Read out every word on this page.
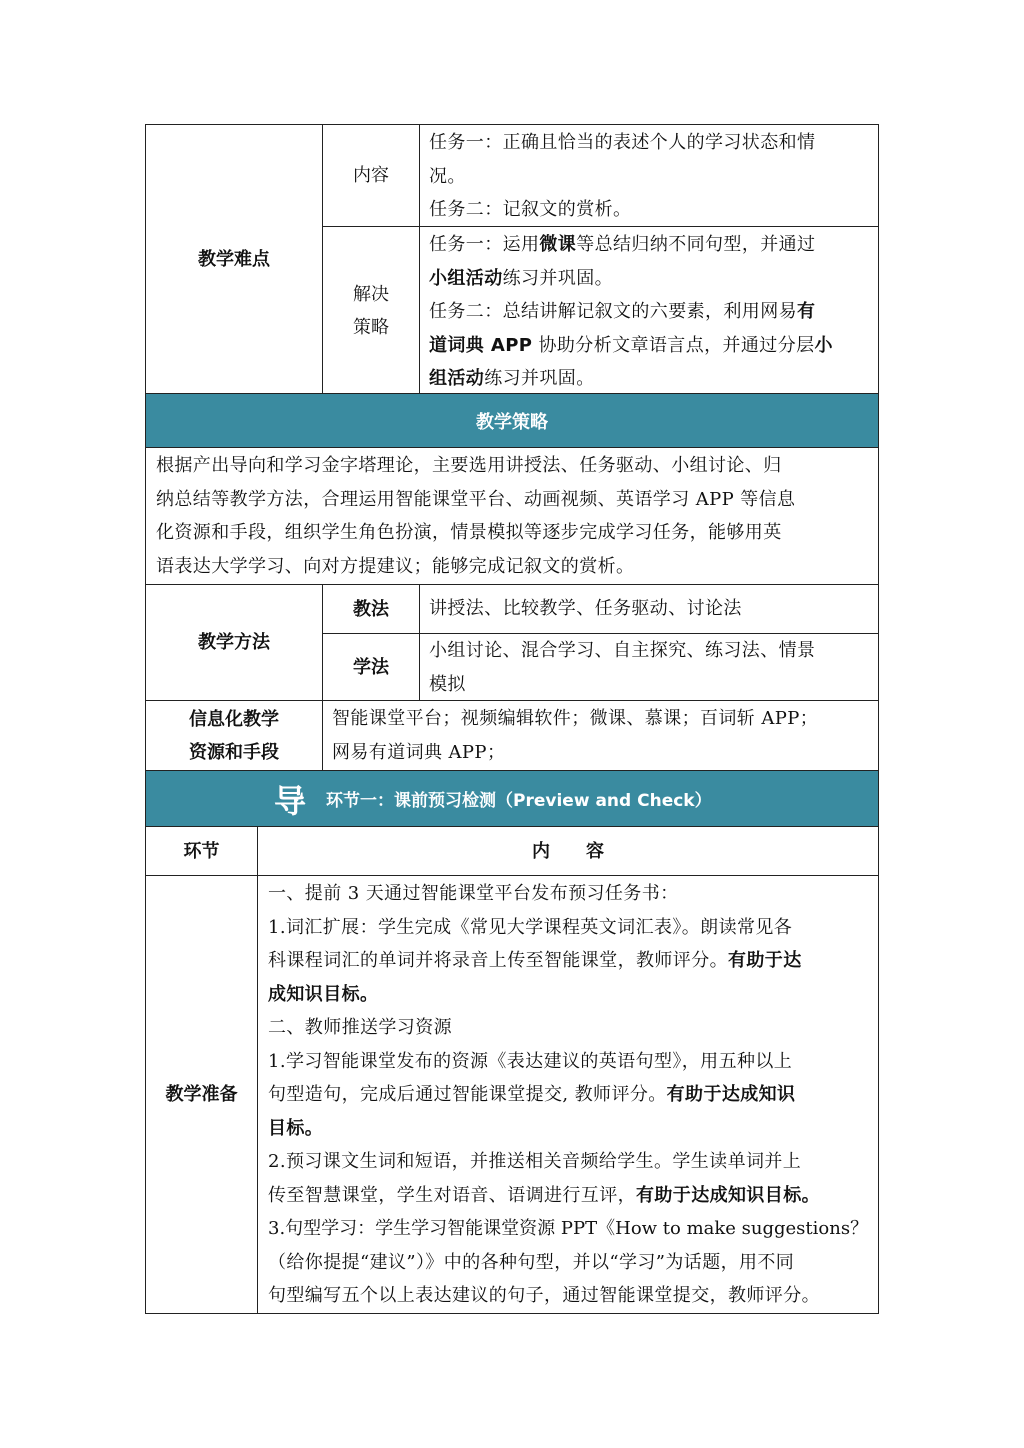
教学难点
内容
解决
策略

任务一：正确且恰当的表述个人的学习状态和情

况。

任务二：记叙文的赏析。

任务一：运用微课等总结归纳不同句型，并通过
小组活动练习并巩固。
任务二：总结讲解记叙文的六要素，利用网易有
道词典 APP 协助分析文章语言点，并通过分层小
组活动练习并巩固。
教学策略

根据产出导向和学习金字塔理论，主要选用讲授法、任务驱动、小组讨论、归

纳总结等教学方法，合理运用智能课堂平台、动画视频、英语学习 APP 等信息

化资源和手段，组织学生角色扮演，情景模拟等逐步完成学习任务，能够用英

语表达大学学习、向对方提建议；能够完成记叙文的赏析。

教学方法
教法
学法
讲授法、比较教学、任务驱动、讨论法

小组讨论、混合学习、自主探究、练习法、情景

模拟

信息化教学
资源和手段

智能课堂平台；视频编辑软件；微课、慕课；百词斩 APP；

网易有道词典 APP；

导 环节一：课前预习检测（Preview and Check）
环节	内　　容
教学准备

一、提前 3 天通过智能课堂平台发布预习任务书：

1.词汇扩展：学生完成《常见大学课程英文词汇表》。朗读常见各

科课程词汇的单词并将录音上传至智能课堂，教师评分。有助于达

成知识目标。

二、教师推送学习资源

1.学习智能课堂发布的资源《表达建议的英语句型》，用五种以上

句型造句，完成后通过智能课堂提交, 教师评分。有助于达成知识

目标。

2.预习课文生词和短语，并推送相关音频给学生。学生读单词并上

传至智慧课堂，学生对语音、语调进行互评，有助于达成知识目标。

3.句型学习：学生学习智能课堂资源 PPT《How to make suggestions？

（给你提提“建议”）》中的各种句型，并以“学习”为话题，用不同

句型编写五个以上表达建议的句子，通过智能课堂提交，教师评分。
